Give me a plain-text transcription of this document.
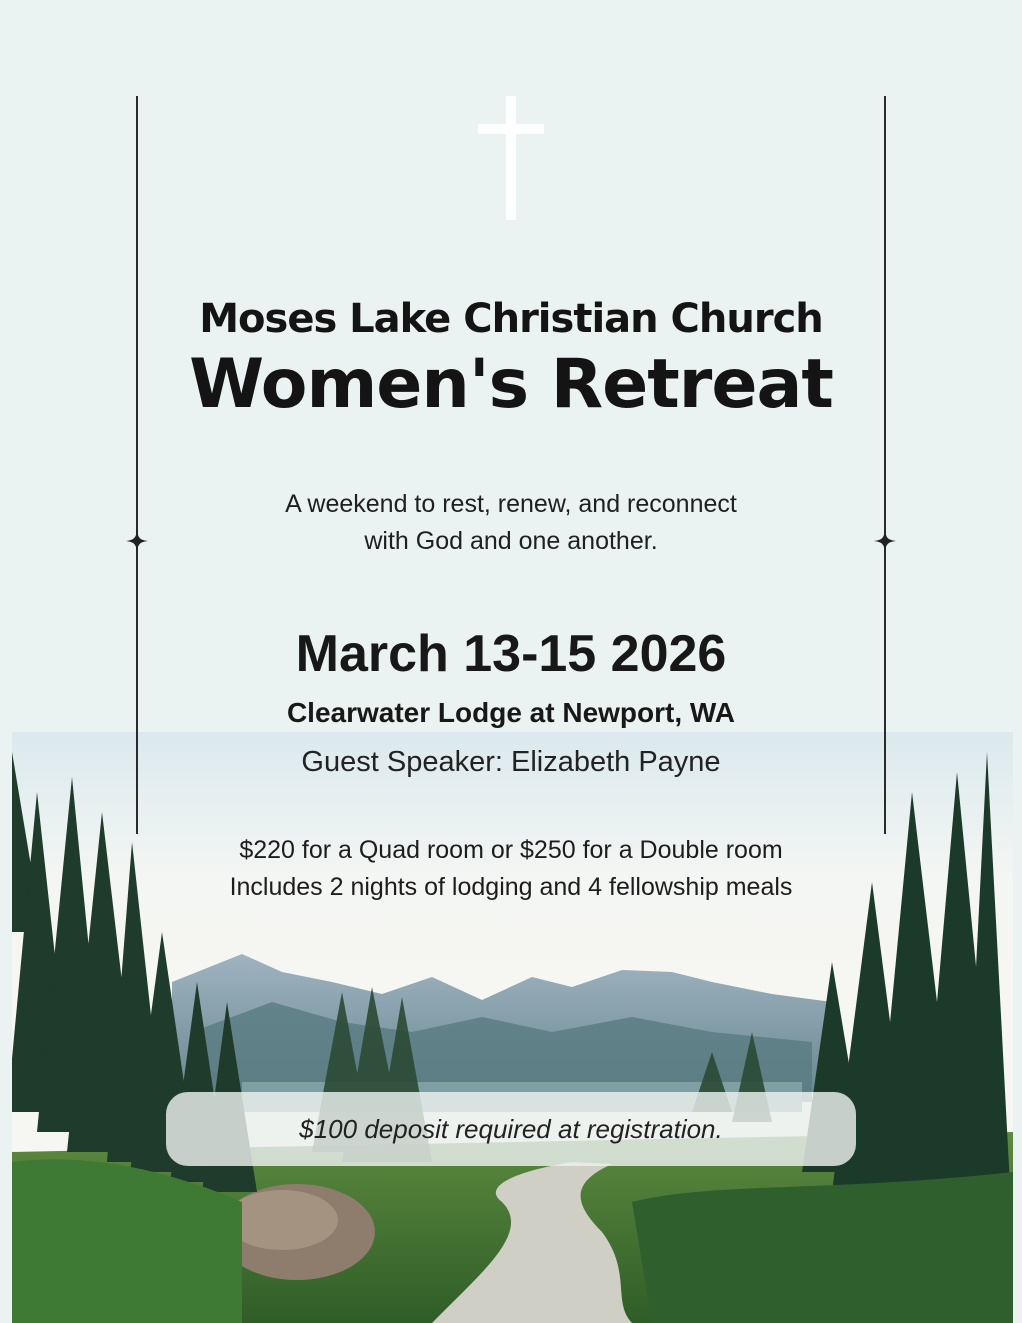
Moses Lake Christian Church
Women's Retreat
A weekend to rest, renew, and reconnect
with God and one another.
March 13-15 2026
Clearwater Lodge at Newport, WA
Guest Speaker: Elizabeth Payne
$220 for a Quad room or $250 for a Double room
Includes 2 nights of lodging and 4 fellowship meals
$100 deposit required at registration.
